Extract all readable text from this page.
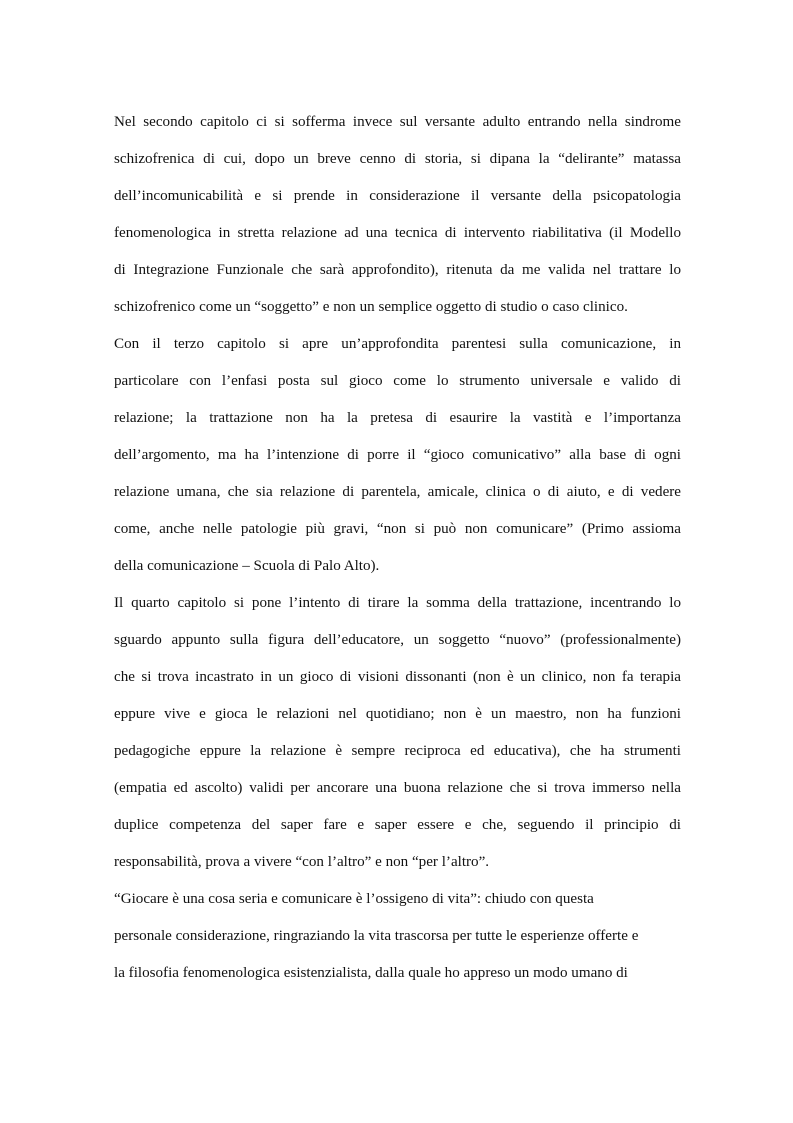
Nel secondo capitolo ci si sofferma invece sul versante adulto entrando nella sindrome
schizofrenica di cui, dopo un breve cenno di storia, si dipana la “delirante” matassa
dell’incomunicabilità e si prende in considerazione il versante della psicopatologia
fenomenologica in stretta relazione ad una tecnica di intervento riabilitativa (il Modello
di Integrazione Funzionale che sarà approfondito), ritenuta da me valida nel trattare lo
schizofrenico come un “soggetto” e non un semplice oggetto di studio o caso clinico.
Con il terzo capitolo si apre un’approfondita parentesi sulla comunicazione, in
particolare con l’enfasi posta sul gioco come lo strumento universale e valido di
relazione; la trattazione non ha la pretesa di esaurire la vastità e l’importanza
dell’argomento, ma ha l’intenzione di porre il “gioco comunicativo” alla base di ogni
relazione umana, che sia relazione di parentela, amicale, clinica o di aiuto, e di vedere
come, anche nelle patologie più gravi, “non si può non comunicare” (Primo assioma
della comunicazione – Scuola di Palo Alto).
Il quarto capitolo si pone l’intento di tirare la somma della trattazione, incentrando lo
sguardo appunto sulla figura dell’educatore, un soggetto “nuovo” (professionalmente)
che si trova incastrato in un gioco di visioni dissonanti (non è un clinico, non fa terapia
eppure vive e gioca le relazioni nel quotidiano; non è un maestro, non ha funzioni
pedagogiche eppure la relazione è sempre reciproca ed educativa), che ha strumenti
(empatia ed ascolto) validi per ancorare una buona relazione che si trova immerso nella
duplice competenza del saper fare e saper essere e che, seguendo il principio di
responsabilità, prova a vivere “con l’altro” e non “per l’altro”.
“Giocare è una cosa seria e comunicare è l’ossigeno di vita”: chiudo con questa
personale considerazione, ringraziando la vita trascorsa per tutte le esperienze offerte e
la filosofia fenomenologica esistenzialista, dalla quale ho appreso un modo umano di
